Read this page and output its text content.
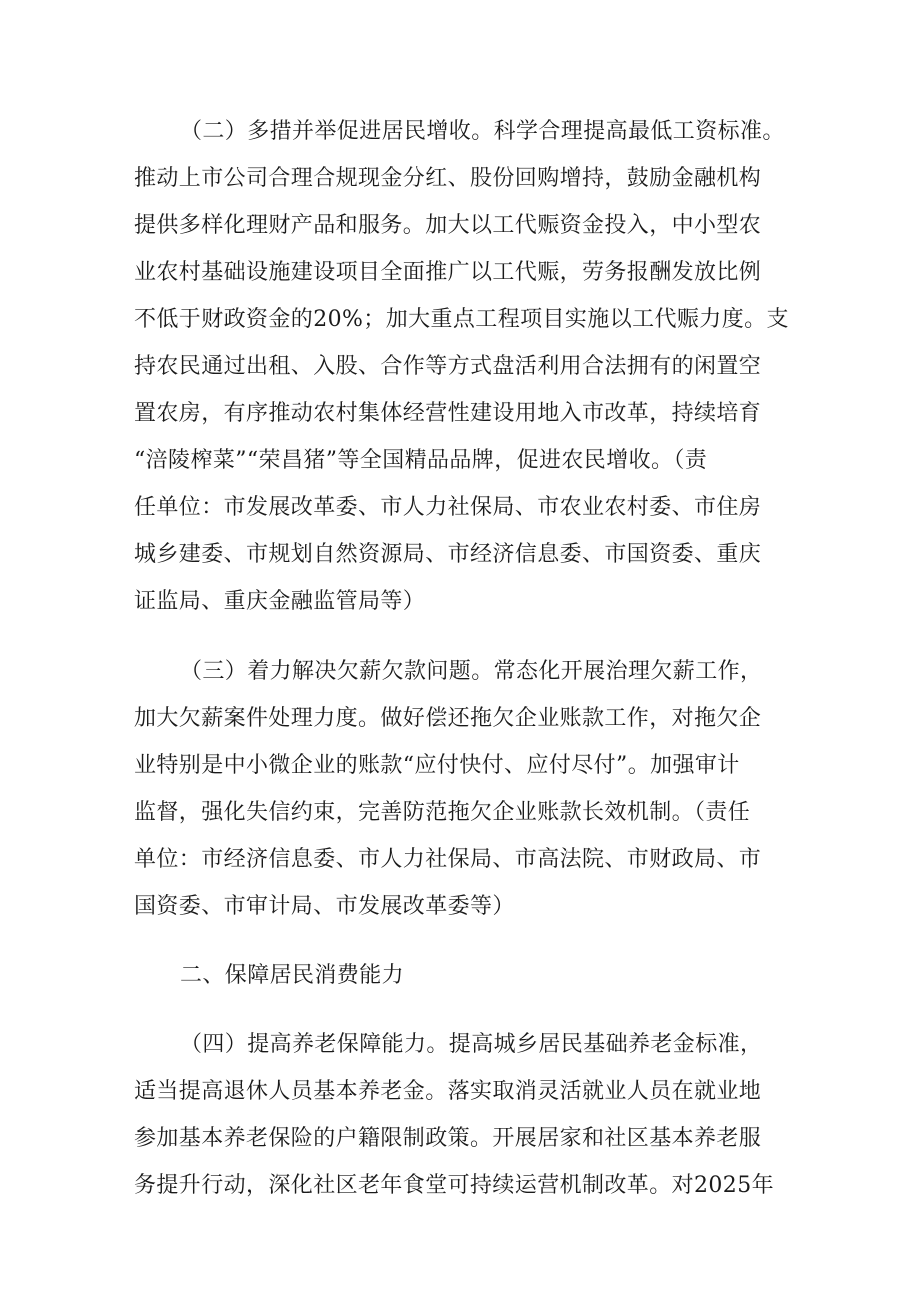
（二）多措并举促进居民增收。科学合理提高最低工资标准。
推动上市公司合理合规现金分红、股份回购增持，鼓励金融机构
提供多样化理财产品和服务。加大以工代赈资金投入，中小型农
业农村基础设施建设项目全面推广以工代赈，劳务报酬发放比例
不低于财政资金的20%；加大重点工程项目实施以工代赈力度。支
持农民通过出租、入股、合作等方式盘活利用合法拥有的闲置空
置农房，有序推动农村集体经营性建设用地入市改革，持续培育
“涪陵榨菜”“荣昌猪”等全国精品品牌，促进农民增收。（责
任单位：市发展改革委、市人力社保局、市农业农村委、市住房
城乡建委、市规划自然资源局、市经济信息委、市国资委、重庆
证监局、重庆金融监管局等）
（三）着力解决欠薪欠款问题。常态化开展治理欠薪工作，
加大欠薪案件处理力度。做好偿还拖欠企业账款工作，对拖欠企
业特别是中小微企业的账款“应付快付、应付尽付”。加强审计
监督，强化失信约束，完善防范拖欠企业账款长效机制。（责任
单位：市经济信息委、市人力社保局、市高法院、市财政局、市
国资委、市审计局、市发展改革委等）
二、保障居民消费能力
（四）提高养老保障能力。提高城乡居民基础养老金标准，
适当提高退休人员基本养老金。落实取消灵活就业人员在就业地
参加基本养老保险的户籍限制政策。开展居家和社区基本养老服
务提升行动，深化社区老年食堂可持续运营机制改革。对2025年
